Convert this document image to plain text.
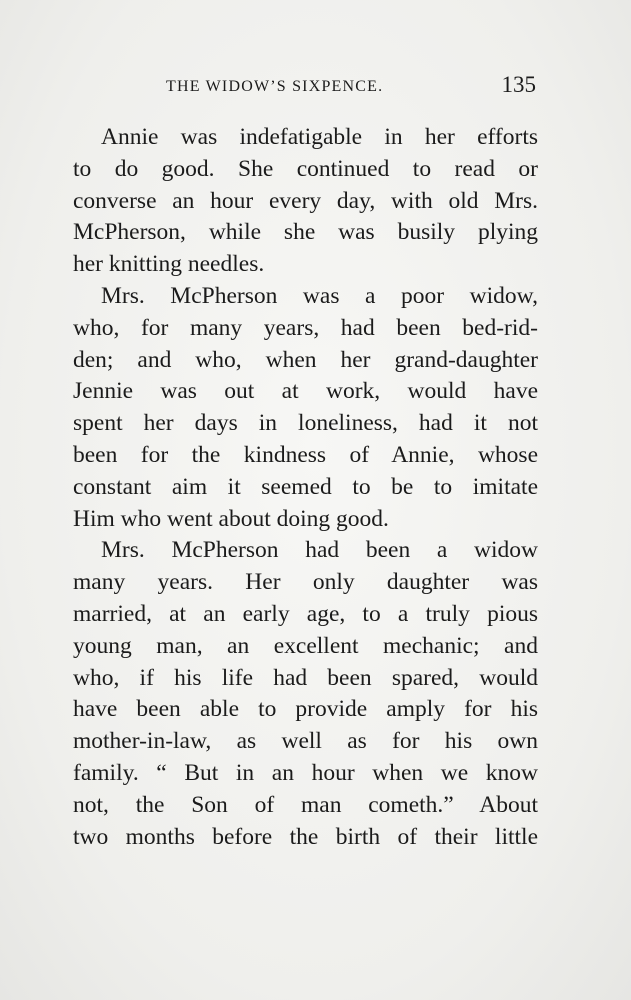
THE WIDOW’S SIXPENCE.	135
Annie was indefatigable in her efforts
to do good. She continued to read or
converse an hour every day, with old Mrs.
McPherson, while she was busily plying
her knitting needles.
Mrs. McPherson was a poor widow,
who, for many years, had been bed-rid-
den; and who, when her grand-daughter
Jennie was out at work, would have
spent her days in loneliness, had it not
been for the kindness of Annie, whose
constant aim it seemed to be to imitate
Him who went about doing good.
Mrs. McPherson had been a widow
many years. Her only daughter was
married, at an early age, to a truly pious
young man, an excellent mechanic; and
who, if his life had been spared, would
have been able to provide amply for his
mother-in-law, as well as for his own
family. “ But in an hour when we know
not, the Son of man cometh.” About
two months before the birth of their little
